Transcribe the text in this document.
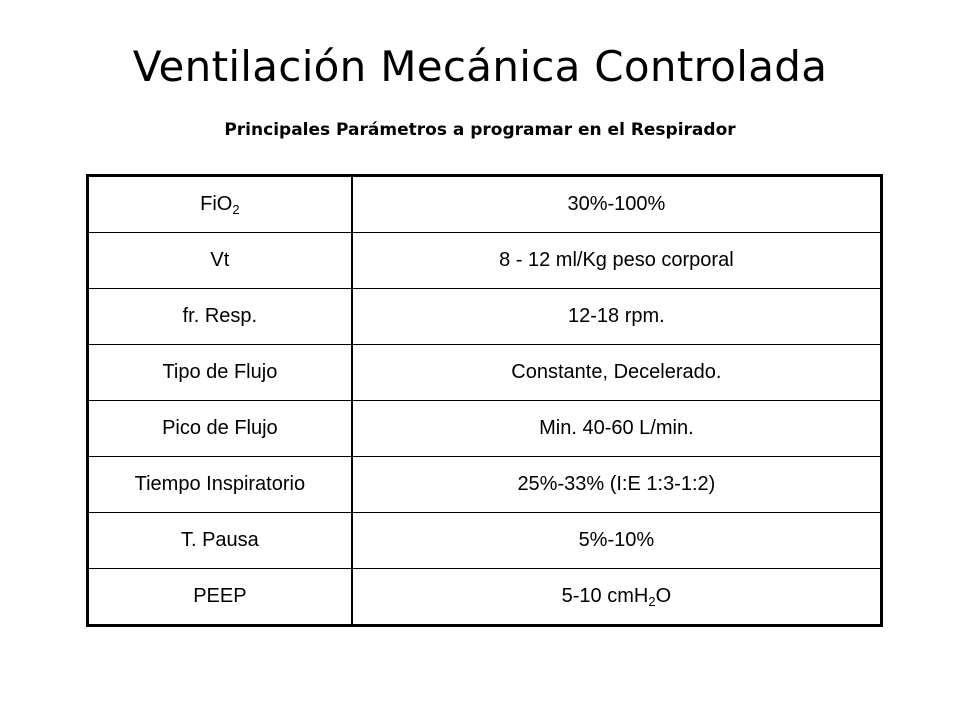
Ventilación Mecánica Controlada
Principales Parámetros a programar en el Respirador
FiO$_2$	30%-100%
Vt	8 - 12 ml/Kg peso corporal
fr. Resp.	12-18 rpm.
Tipo de Flujo	Constante, Decelerado.
Pico de Flujo	Min. 40-60 L/min.
Tiempo Inspiratorio	25%-33% (I:E 1:3-1:2)
T. Pausa	5%-10%
PEEP	5-10 cmH$_2$O
